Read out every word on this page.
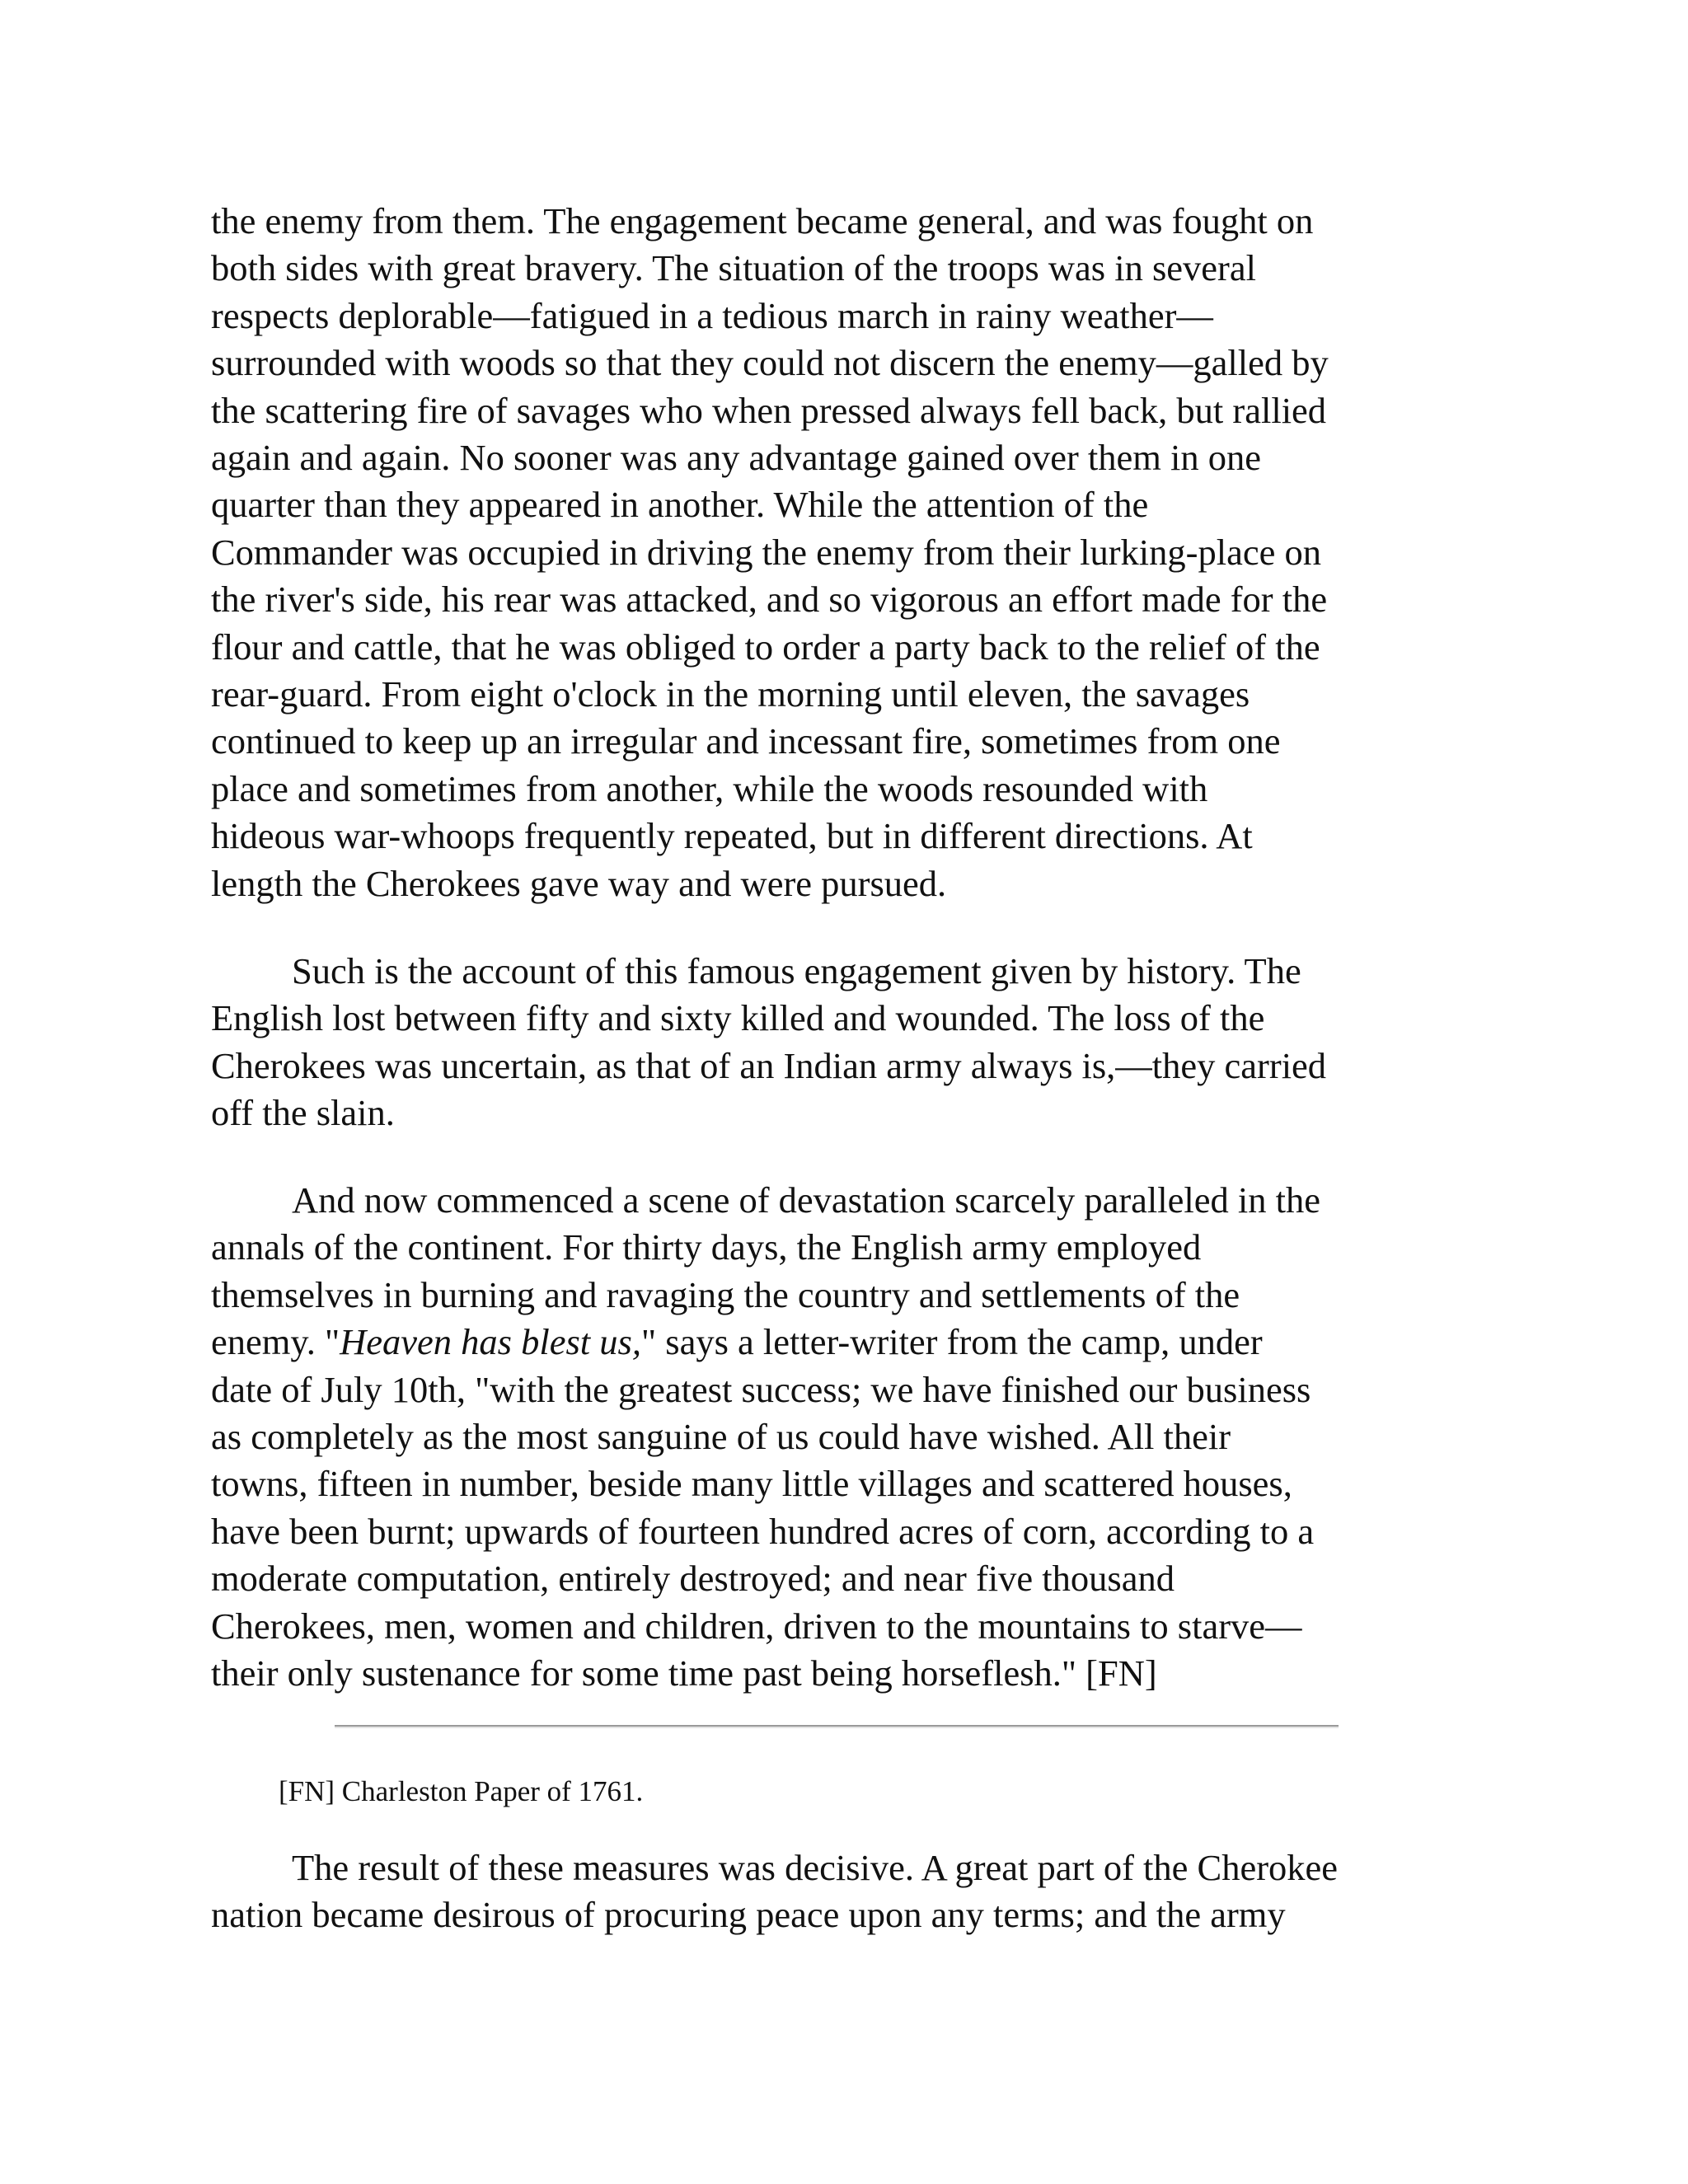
the enemy from them. The engagement became general, and was fought on
both sides with great bravery. The situation of the troops was in several
respects deplorable—fatigued in a tedious march in rainy weather—
surrounded with woods so that they could not discern the enemy—galled by
the scattering fire of savages who when pressed always fell back, but rallied
again and again. No sooner was any advantage gained over them in one
quarter than they appeared in another. While the attention of the
Commander was occupied in driving the enemy from their lurking-place on
the river's side, his rear was attacked, and so vigorous an effort made for the
flour and cattle, that he was obliged to order a party back to the relief of the
rear-guard. From eight o'clock in the morning until eleven, the savages
continued to keep up an irregular and incessant fire, sometimes from one
place and sometimes from another, while the woods resounded with
hideous war-whoops frequently repeated, but in different directions. At
length the Cherokees gave way and were pursued.

Such is the account of this famous engagement given by history. The
English lost between fifty and sixty killed and wounded. The loss of the
Cherokees was uncertain, as that of an Indian army always is,—they carried
off the slain.

And now commenced a scene of devastation scarcely paralleled in the
annals of the continent. For thirty days, the English army employed
themselves in burning and ravaging the country and settlements of the
enemy. "Heaven has blest us," says a letter-writer from the camp, under
date of July 10th, "with the greatest success; we have finished our business
as completely as the most sanguine of us could have wished. All their
towns, fifteen in number, beside many little villages and scattered houses,
have been burnt; upwards of fourteen hundred acres of corn, according to a
moderate computation, entirely destroyed; and near five thousand
Cherokees, men, women and children, driven to the mountains to starve—
their only sustenance for some time past being horseflesh." [FN]

[FN] Charleston Paper of 1761.

The result of these measures was decisive. A great part of the Cherokee
nation became desirous of procuring peace upon any terms; and the army
